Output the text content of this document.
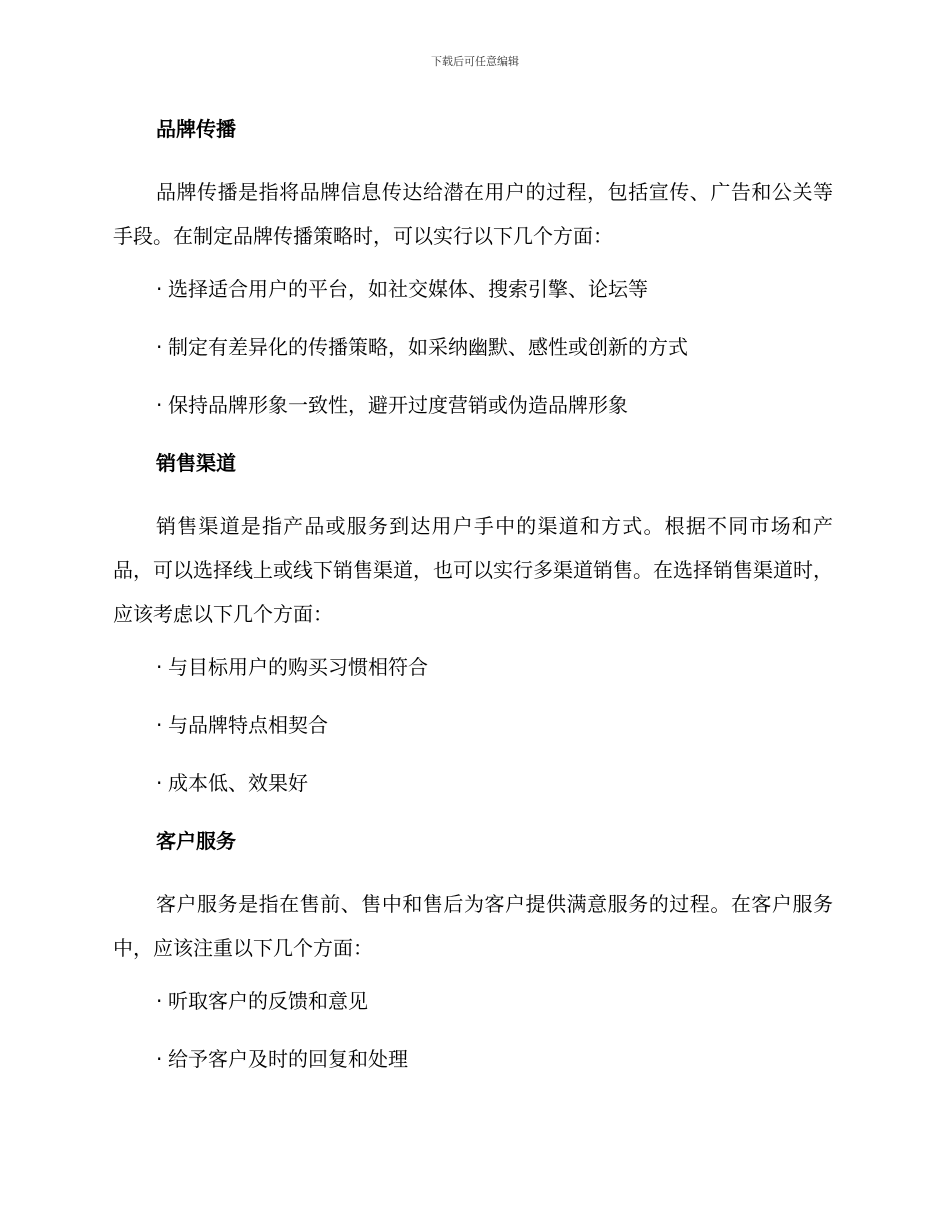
下载后可任意编辑
品牌传播
品牌传播是指将品牌信息传达给潜在用户的过程，包括宣传、广告和公关等手段。在制定品牌传播策略时，可以实行以下几个方面：
· 选择适合用户的平台，如社交媒体、搜索引擎、论坛等
· 制定有差异化的传播策略，如采纳幽默、感性或创新的方式
· 保持品牌形象一致性，避开过度营销或伪造品牌形象
销售渠道
销售渠道是指产品或服务到达用户手中的渠道和方式。根据不同市场和产品，可以选择线上或线下销售渠道，也可以实行多渠道销售。在选择销售渠道时，应该考虑以下几个方面：
· 与目标用户的购买习惯相符合
· 与品牌特点相契合
· 成本低、效果好
客户服务
客户服务是指在售前、售中和售后为客户提供满意服务的过程。在客户服务中，应该注重以下几个方面：
· 听取客户的反馈和意见
· 给予客户及时的回复和处理
